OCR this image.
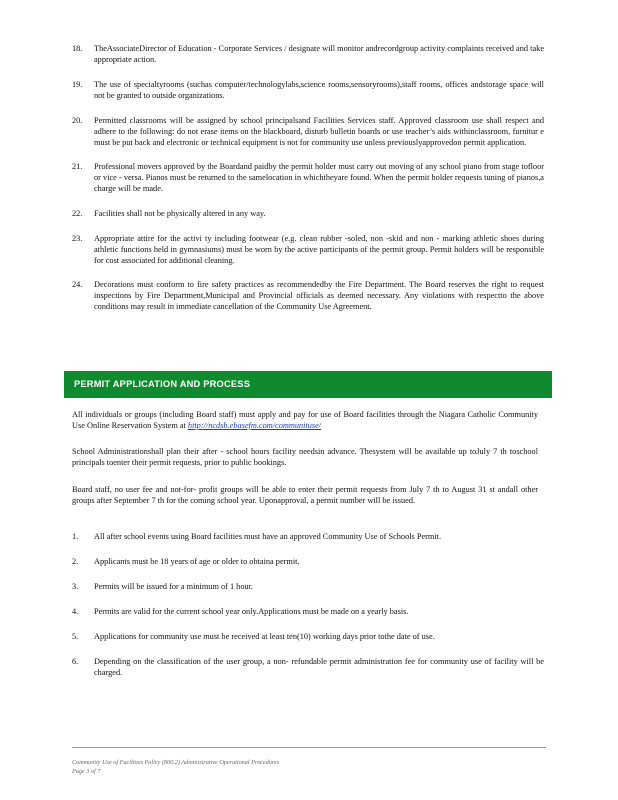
18.	TheAssociateDirector of Education - Corporate Services / designate will monitor andrecordgroup activity complaints received and take appropriate action.
19.	The use of specialtyrooms (suchas computer/technologylabs,science rooms,sensoryrooms),staff rooms, offices andstorage space will not be granted to outside organizations.
20.	Permitted classrooms will be assigned by school principalsand Facilities Services staff. Approved classroom use shall respect and adhere to the following: do not erase items on the blackboard, disturb bulletin boards or use teacher’s aids withinclassroom, furnitur e must be put back and electronic or technical equipment is not for community use unless previouslyapprovedon permit application.
21.	Professional movers approved by the Boardand paidby the permit holder must carry out moving of any school piano from stage tofloor or vice - versa. Pianos must be returned to the samelocation in whichtheyare found. When the permit holder requests tuning of pianos,a charge will be made.
22.	Facilities shall not be physically altered in any way.
23.	Appropriate attire for the activi ty including footwear (e.g. clean rubber -soled, non -skid and non - marking athletic shoes during athletic functions held in gymnasiums) must be worn by the active participants of the permit group. Permit holders will be responsible for cost associated for additional cleaning.
24.	Decorations must conform to fire safety practices as recommendedby the Fire Department. The Board reserves the right to request inspections by Fire Department,Municipal and Provincial officials as deemed necessary. Any violations with respectto the above conditions may result in immediate cancellation of the Community Use Agreement.
PERMIT APPLICATION AND PROCESS
All individuals or groups (including Board staff) must apply and pay for use of Board facilities through the Niagara Catholic Community Use Online Reservation System at http://ncdsb.ebasefm.com/communituse/
School Administrationshall plan their after - school hours facility needsin advance. Thesystem will be available up toJuly 7 th toschool principals toenter their permit requests, prior to public bookings.
Board staff, no user fee and not-for- profit groups will be able to enter their permit requests from July 7 th to August 31 st andall other groups after September 7 th for the coming school year. Uponapproval, a permit number will be issued.
1.	All after school events using Board facilities must have an approved Community Use of Schools Permit.
2.	Applicants must be 18 years of age or older to obtaina permit.
3.	Permits will be issued for a minimum of 1 hour.
4.	Permits are valid for the current school year only.Applications must be made on a yearly basis.
5.	Applications for community use must be received at least ten(10) working days prior tothe date of use.
6.	Depending on the classification of the user group, a non- refundable permit administration fee for community use of facility will be charged.
Community Use of Facilities Policy (800.2) Administrative Operational Procedures
Page 3 of 7
